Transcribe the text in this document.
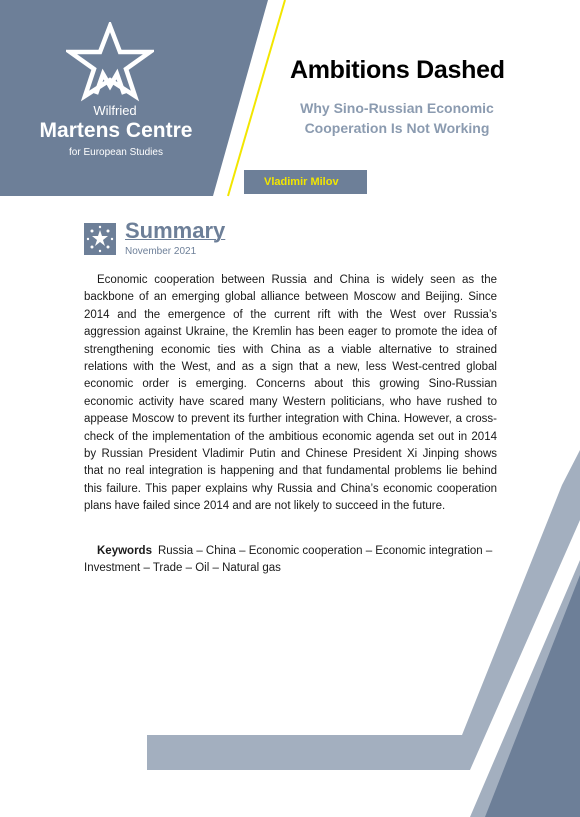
Wilfried
Martens Centre
for European Studies
Ambitions Dashed
Why Sino-Russian Economic Cooperation Is Not Working
Vladimir Milov
Summary
November 2021
Economic cooperation between Russia and China is widely seen as the backbone of an emerging global alliance between Moscow and Beijing. Since 2014 and the emergence of the current rift with the West over Russia’s aggression against Ukraine, the Kremlin has been eager to promote the idea of strengthening economic ties with China as a viable alternative to strained relations with the West, and as a sign that a new, less West-centred global economic order is emerging. Concerns about this growing Sino-Russian economic activity have scared many Western politicians, who have rushed to appease Moscow to prevent its further integration with China. However, a cross-check of the implementation of the ambitious economic agenda set out in 2014 by Russian President Vladimir Putin and Chinese President Xi Jinping shows that no real integration is happening and that fundamental problems lie behind this failure. This paper explains why Russia and China’s economic cooperation plans have failed since 2014 and are not likely to succeed in the future.
Keywords Russia – China – Economic cooperation – Economic integration – Investment – Trade – Oil – Natural gas
